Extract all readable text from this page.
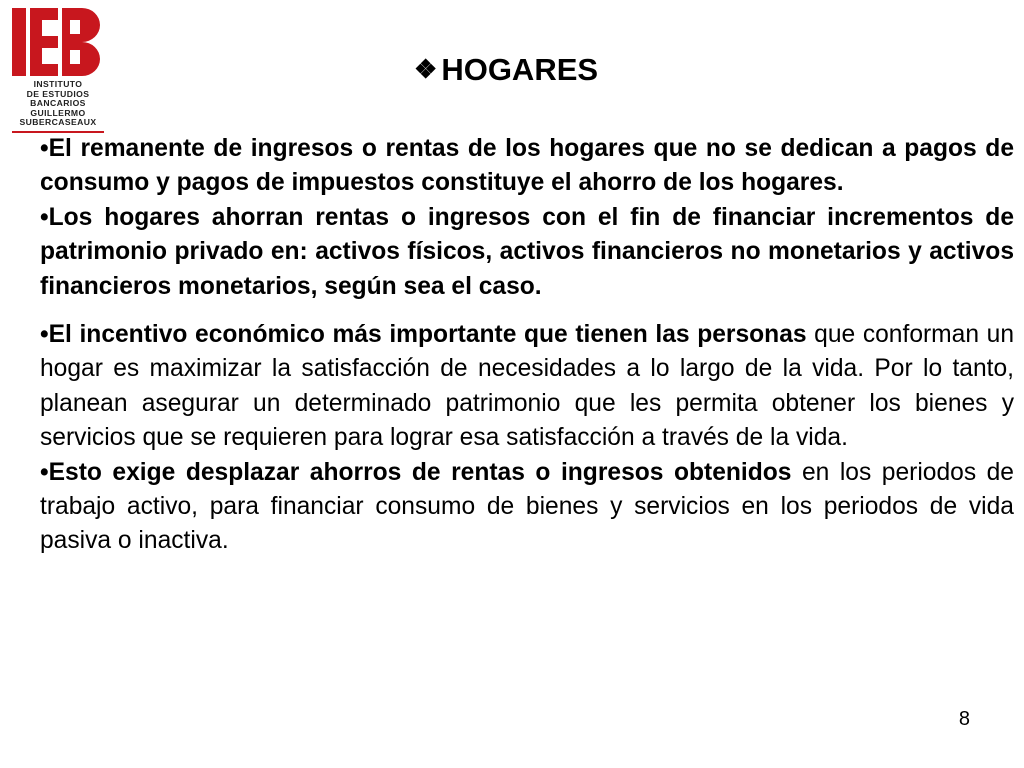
INSTITUTO
DE ESTUDIOS
BANCARIOS
GUILLERMO
SUBERCASEAUX
❖ HOGARES

•El remanente de ingresos o rentas de los hogares que no se dedican a pagos de consumo y pagos de impuestos constituye el ahorro de los hogares.

•Los hogares ahorran rentas o ingresos con el fin de financiar incrementos de patrimonio privado en: activos físicos, activos financieros no monetarios y activos financieros monetarios, según sea el caso.

•El incentivo económico más importante que tienen las personas que conforman un hogar es maximizar la satisfacción de necesidades a lo largo de la vida. Por lo tanto, planean asegurar un determinado patrimonio que les permita obtener los bienes y servicios que se requieren para lograr esa satisfacción a través de la vida.

•Esto exige desplazar ahorros de rentas o ingresos obtenidos en los periodos de trabajo activo, para financiar consumo de bienes y servicios en los periodos de vida pasiva o inactiva.

8
